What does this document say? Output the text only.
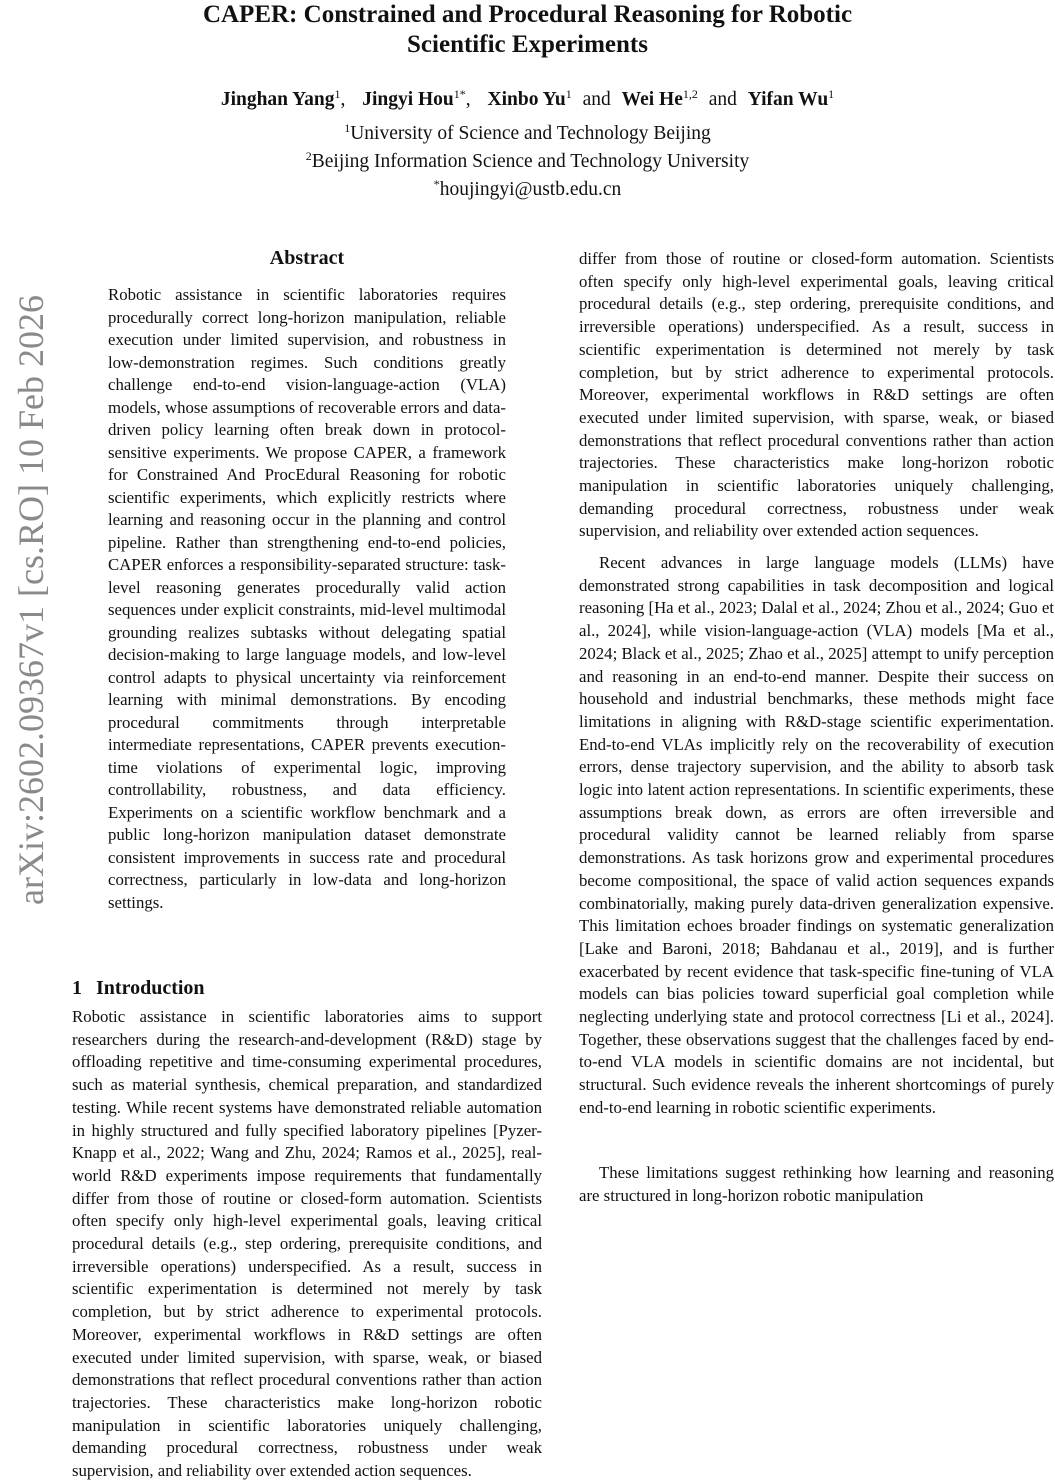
CAPER: Constrained and Procedural Reasoning for Robotic
Scientific Experiments
Jinghan Yang$^1$, Jingyi Hou$^{1*}$, Xinbo Yu$^1$ and Wei He$^{1,2}$ and Yifan Wu$^1$
$^1$University of Science and Technology Beijing
$^2$Beijing Information Science and Technology University
*houjingyi@ustb.edu.cn
arXiv:2602.09367v1 [cs.RO] 10 Feb 2026
Abstract

Robotic assistance in scientific laboratories requires procedurally correct long-horizon manipulation, reliable execution under limited supervision, and robustness in low-demonstration regimes. Such conditions greatly challenge end-to-end vision-language-action (VLA) models, whose assumptions of recoverable errors and data-driven policy learning often break down in protocol-sensitive experiments. We propose CAPER, a framework for Constrained And ProcEdural Reasoning for robotic scientific experiments, which explicitly restricts where learning and reasoning occur in the planning and control pipeline. Rather than strengthening end-to-end policies, CAPER enforces a responsibility-separated structure: task-level reasoning generates procedurally valid action sequences under explicit constraints, mid-level multimodal grounding realizes subtasks without delegating spatial decision-making to large language models, and low-level control adapts to physical uncertainty via reinforcement learning with minimal demonstrations. By encoding procedural commitments through interpretable intermediate representations, CAPER prevents execution-time violations of experimental logic, improving controllability, robustness, and data efficiency. Experiments on a scientific workflow benchmark and a public long-horizon manipulation dataset demonstrate consistent improvements in success rate and procedural correctness, particularly in low-data and long-horizon settings.

1 Introduction

Robotic assistance in scientific laboratories aims to support researchers during the research-and-development (R&D) stage by offloading repetitive and time-consuming experimental procedures, such as material synthesis, chemical preparation, and standardized testing. While recent systems have demonstrated reliable automation in highly structured and fully specified laboratory pipelines [Pyzer-Knapp et al., 2022; Wang and Zhu, 2024; Ramos et al., 2025], real-world R&D experiments impose requirements that fundamentally differ from those of routine or closed-form automation. Scientists often specify only high-level experimental goals, leaving critical procedural details (e.g., step ordering, prerequisite conditions, and irreversible operations) underspecified. As a result, success in scientific experimentation is determined not merely by task completion, but by strict adherence to experimental protocols. Moreover, experimental workflows in R&D settings are often executed under limited supervision, with sparse, weak, or biased demonstrations that reflect procedural conventions rather than action trajectories. These characteristics make long-horizon robotic manipulation in scientific laboratories uniquely challenging, demanding procedural correctness, robustness under weak supervision, and reliability over extended action sequences.

differ from those of routine or closed-form automation. Scientists often specify only high-level experimental goals, leaving critical procedural details (e.g., step ordering, prerequisite conditions, and irreversible operations) underspecified. As a result, success in scientific experimentation is determined not merely by task completion, but by strict adherence to experimental protocols. Moreover, experimental workflows in R&D settings are often executed under limited supervision, with sparse, weak, or biased demonstrations that reflect procedural conventions rather than action trajectories. These characteristics make long-horizon robotic manipulation in scientific laboratories uniquely challenging, demanding procedural correctness, robustness under weak supervision, and reliability over extended action sequences.

Recent advances in large language models (LLMs) have demonstrated strong capabilities in task decomposition and logical reasoning [Ha et al., 2023; Dalal et al., 2024; Zhou et al., 2024; Guo et al., 2024], while vision-language-action (VLA) models [Ma et al., 2024; Black et al., 2025; Zhao et al., 2025] attempt to unify perception and reasoning in an end-to-end manner. Despite their success on household and industrial benchmarks, these methods might face limitations in aligning with R&D-stage scientific experimentation. End-to-end VLAs implicitly rely on the recoverability of execution errors, dense trajectory supervision, and the ability to absorb task logic into latent action representations. In scientific experiments, these assumptions break down, as errors are often irreversible and procedural validity cannot be learned reliably from sparse demonstrations. As task horizons grow and experimental procedures become compositional, the space of valid action sequences expands combinatorially, making purely data-driven generalization expensive. This limitation echoes broader findings on systematic generalization [Lake and Baroni, 2018; Bahdanau et al., 2019], and is further exacerbated by recent evidence that task-specific fine-tuning of VLA models can bias policies toward superficial goal completion while neglecting underlying state and protocol correctness [Li et al., 2024]. Together, these observations suggest that the challenges faced by end-to-end VLA models in scientific domains are not incidental, but structural. Such evidence reveals the inherent shortcomings of purely end-to-end learning in robotic scientific experiments.

These limitations suggest rethinking how learning and reasoning are structured in long-horizon robotic manipulation
